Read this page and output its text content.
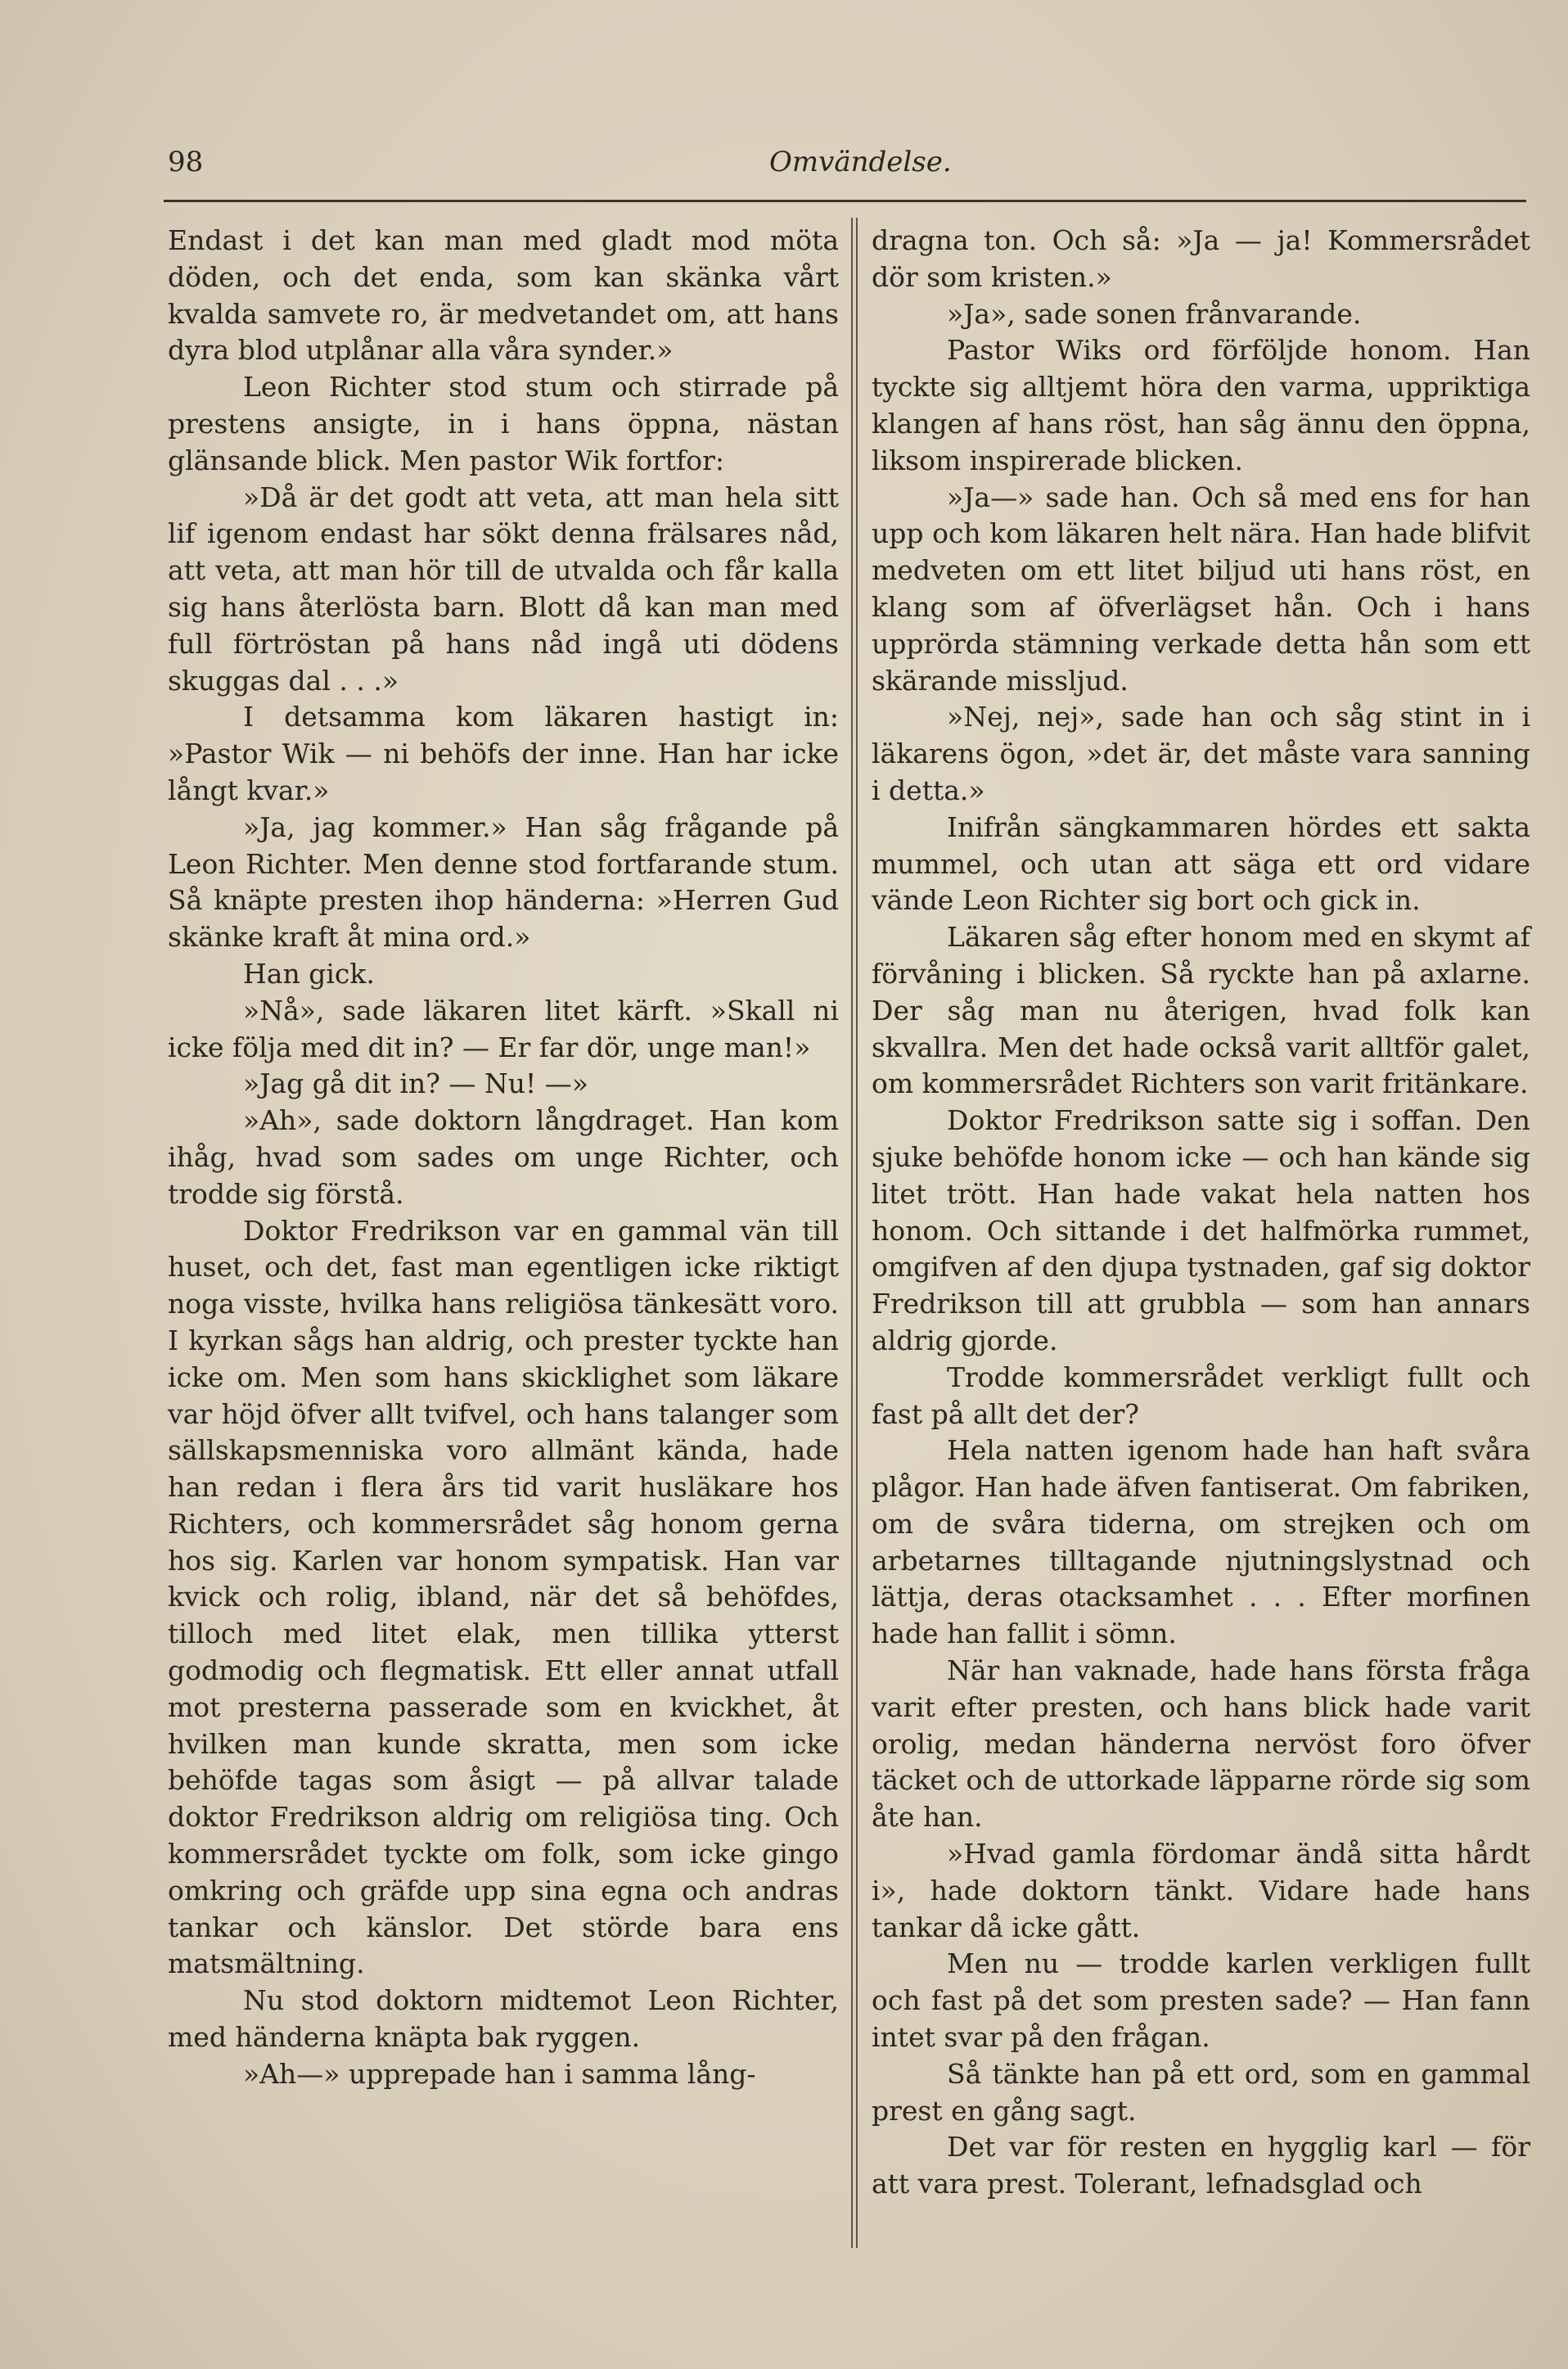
98	Omvändelse.

Endast i det kan man med gladt mod möta döden, och det enda, som kan skänka vårt kvalda samvete ro, är medvetandet om, att hans dyra blod utplånar alla våra synder.»

Leon Richter stod stum och stirrade på prestens ansigte, in i hans öppna, nästan glänsande blick. Men pastor Wik fortfor:

»Då är det godt att veta, att man hela sitt lif igenom endast har sökt denna frälsares nåd, att veta, att man hör till de utvalda och får kalla sig hans återlösta barn. Blott då kan man med full förtröstan på hans nåd ingå uti dödens skuggas dal . . .»

I detsamma kom läkaren hastigt in: »Pastor Wik — ni behöfs der inne. Han har icke långt kvar.»

»Ja, jag kommer.» Han såg frågande på Leon Richter. Men denne stod fortfarande stum. Så knäpte presten ihop händerna: »Herren Gud skänke kraft åt mina ord.»

Han gick.

»Nå», sade läkaren litet kärft. »Skall ni icke följa med dit in? — Er far dör, unge man!»

»Jag gå dit in? — Nu! —»

»Ah», sade doktorn långdraget. Han kom ihåg, hvad som sades om unge Richter, och trodde sig förstå.

Doktor Fredrikson var en gammal vän till huset, och det, fast man egentligen icke riktigt noga visste, hvilka hans religiösa tänkesätt voro. I kyrkan sågs han aldrig, och prester tyckte han icke om. Men som hans skicklighet som läkare var höjd öfver allt tvifvel, och hans talanger som sällskapsmenniska voro allmänt kända, hade han redan i flera års tid varit husläkare hos Richters, och kommersrådet såg honom gerna hos sig. Karlen var honom sympatisk. Han var kvick och rolig, ibland, när det så behöfdes, tilloch med litet elak, men tillika ytterst godmodig och flegmatisk. Ett eller annat utfall mot presterna passerade som en kvickhet, åt hvilken man kunde skratta, men som icke behöfde tagas som åsigt — på allvar talade doktor Fredrikson aldrig om religiösa ting. Och kommersrådet tyckte om folk, som icke gingo omkring och gräfde upp sina egna och andras tankar och känslor. Det störde bara ens matsmältning.

Nu stod doktorn midtemot Leon Richter, med händerna knäpta bak ryggen.

»Ah—» upprepade han i samma lång-

dragna ton. Och så: »Ja — ja! Kommersrådet dör som kristen.»

»Ja», sade sonen frånvarande.

Pastor Wiks ord förföljde honom. Han tyckte sig alltjemt höra den varma, uppriktiga klangen af hans röst, han såg ännu den öppna, liksom inspirerade blicken.

»Ja—» sade han. Och så med ens for han upp och kom läkaren helt nära. Han hade blifvit medveten om ett litet biljud uti hans röst, en klang som af öfverlägset hån. Och i hans upprörda stämning verkade detta hån som ett skärande missljud.

»Nej, nej», sade han och såg stint in i läkarens ögon, »det är, det måste vara sanning i detta.»

Inifrån sängkammaren hördes ett sakta mummel, och utan att säga ett ord vidare vände Leon Richter sig bort och gick in.

Läkaren såg efter honom med en skymt af förvåning i blicken. Så ryckte han på axlarne. Der såg man nu återigen, hvad folk kan skvallra. Men det hade också varit alltför galet, om kommersrådet Richters son varit fritänkare.

Doktor Fredrikson satte sig i soffan. Den sjuke behöfde honom icke — och han kände sig litet trött. Han hade vakat hela natten hos honom. Och sittande i det halfmörka rummet, omgifven af den djupa tystnaden, gaf sig doktor Fredrikson till att grubbla — som han annars aldrig gjorde.

Trodde kommersrådet verkligt fullt och fast på allt det der?

Hela natten igenom hade han haft svåra plågor. Han hade äfven fantiserat. Om fabriken, om de svåra tiderna, om strejken och om arbetarnes tilltagande njutningslystnad och lättja, deras otacksamhet . . . Efter morfinen hade han fallit i sömn.

När han vaknade, hade hans första fråga varit efter presten, och hans blick hade varit orolig, medan händerna nervöst foro öfver täcket och de uttorkade läpparne rörde sig som åte han.

»Hvad gamla fördomar ändå sitta hårdt i», hade doktorn tänkt. Vidare hade hans tankar då icke gått.

Men nu — trodde karlen verkligen fullt och fast på det som presten sade? — Han fann intet svar på den frågan.

Så tänkte han på ett ord, som en gammal prest en gång sagt.

Det var för resten en hygglig karl — för att vara prest. Tolerant, lefnadsglad och
